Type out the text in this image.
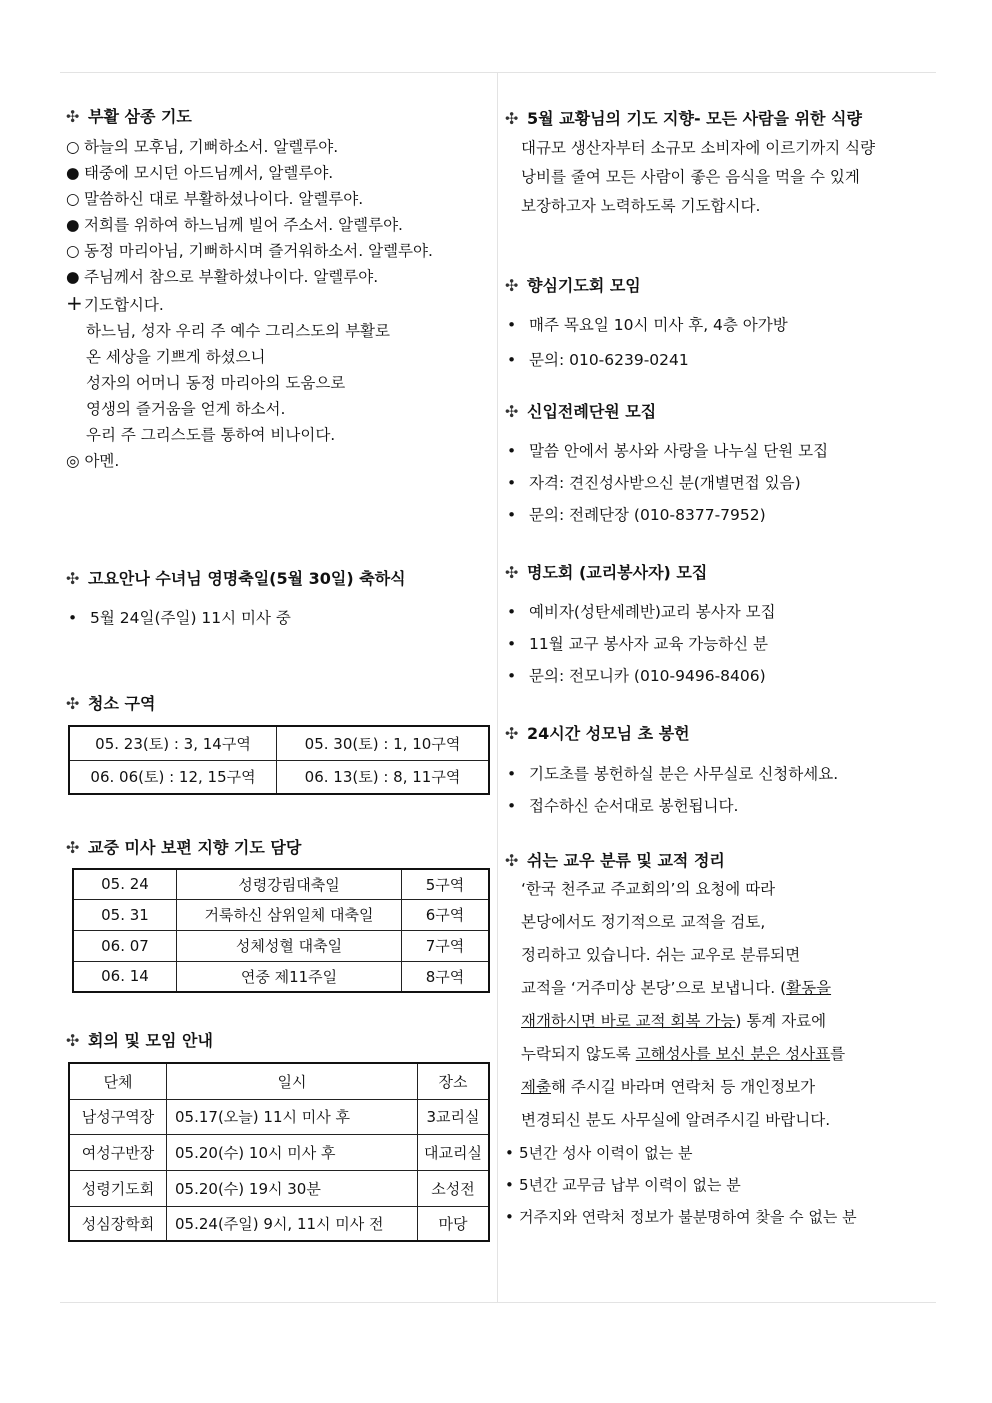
✣ 부활 삼종 기도
○ 하늘의 모후님, 기뻐하소서. 알렐루야.
● 태중에 모시던 아드님께서, 알렐루야.
○ 말씀하신 대로 부활하셨나이다. 알렐루야.
● 저희를 위하여 하느님께 빌어 주소서. 알렐루야.
○ 동정 마리아님, 기뻐하시며 즐거워하소서. 알렐루야.
● 주님께서 참으로 부활하셨나이다. 알렐루야.
+기도합시다.
하느님, 성자 우리 주 예수 그리스도의 부활로
온 세상을 기쁘게 하셨으니
성자의 어머니 동정 마리아의 도움으로
영생의 즐거움을 얻게 하소서.
우리 주 그리스도를 통하여 비나이다.
◎ 아멘.
✣ 고요안나 수녀님 영명축일(5월 30일) 축하식
• 5월 24일(주일) 11시 미사 중
✣ 청소 구역
05. 23(토) : 3, 14구역	05. 30(토) : 1, 10구역
06. 06(토) : 12, 15구역	06. 13(토) : 8, 11구역
✣ 교중 미사 보편 지향 기도 담당
05. 24	성령강림대축일	5구역
05. 31	거룩하신 삼위일체 대축일	6구역
06. 07	성체성혈 대축일	7구역
06. 14	연중 제11주일	8구역
✣ 회의 및 모임 안내
단체	일시	장소
남성구역장	05.17(오늘) 11시 미사 후	3교리실
여성구반장	05.20(수) 10시 미사 후	대교리실
성령기도회	05.20(수) 19시 30분	소성전
성심장학회	05.24(주일) 9시, 11시 미사 전	마당
✣ 5월 교황님의 기도 지향- 모든 사람을 위한 식량
대규모 생산자부터 소규모 소비자에 이르기까지 식량
낭비를 줄여 모든 사람이 좋은 음식을 먹을 수 있게
보장하고자 노력하도록 기도합시다.
✣ 향심기도회 모임
• 매주 목요일 10시 미사 후, 4층 아가방
• 문의: 010-6239-0241
✣ 신입전례단원 모집
• 말씀 안에서 봉사와 사랑을 나누실 단원 모집
• 자격: 견진성사받으신 분(개별면접 있음)
• 문의: 전례단장 (010-8377-7952)
✣ 명도회 (교리봉사자) 모집
• 예비자(성탄세례반)교리 봉사자 모집
• 11월 교구 봉사자 교육 가능하신 분
• 문의: 전모니카 (010-9496-8406)
✣ 24시간 성모님 초 봉헌
• 기도초를 봉헌하실 분은 사무실로 신청하세요.
• 접수하신 순서대로 봉헌됩니다.
✣ 쉬는 교우 분류 및 교적 정리
‘한국 천주교 주교회의’의 요청에 따라
본당에서도 정기적으로 교적을 검토,
정리하고 있습니다. 쉬는 교우로 분류되면
교적을 ‘거주미상 본당’으로 보냅니다. (활동을
재개하시면 바로 교적 회복 가능) 통계 자료에
누락되지 않도록 고해성사를 보신 분은 성사표를
제출해 주시길 바라며 연락처 등 개인정보가
변경되신 분도 사무실에 알려주시길 바랍니다.
• 5년간 성사 이력이 없는 분
• 5년간 교무금 납부 이력이 없는 분
• 거주지와 연락처 정보가 불분명하여 찾을 수 없는 분
